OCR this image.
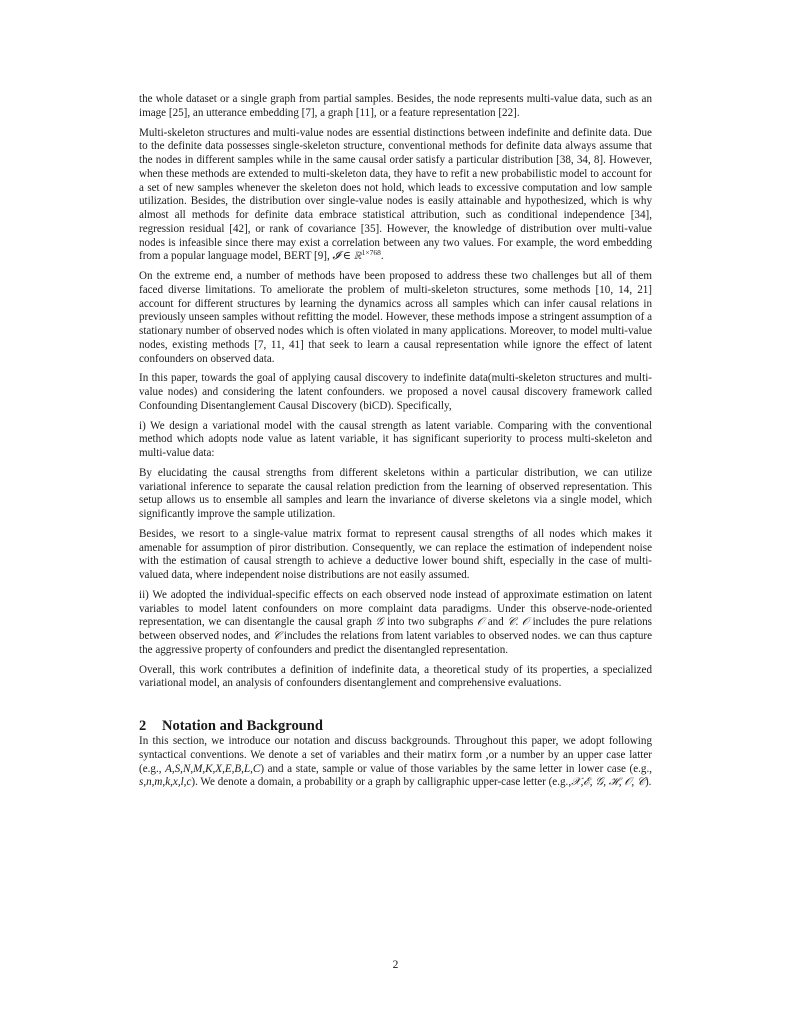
the whole dataset or a single graph from partial samples. Besides, the node represents multi-value data, such as an image [25], an utterance embedding [7], a graph [11], or a feature representation [22].

Multi-skeleton structures and multi-value nodes are essential distinctions between indefinite and definite data. Due to the definite data possesses single-skeleton structure, conventional methods for definite data always assume that the nodes in different samples while in the same causal order satisfy a particular distribution [38, 34, 8]. However, when these methods are extended to multi-skeleton data, they have to refit a new probabilistic model to account for a set of new samples whenever the skeleton does not hold, which leads to excessive computation and low sample utilization. Besides, the distribution over single-value nodes is easily attainable and hypothesized, which is why almost all methods for definite data embrace statistical attribution, such as conditional independence [34], regression residual [42], or rank of covariance [35]. However, the knowledge of distribution over multi-value nodes is infeasible since there may exist a correlation between any two values. For example, the word embedding from a popular language model, BERT [9], 𝓘 ∈ ℝ$^{1\times 768}$.

On the extreme end, a number of methods have been proposed to address these two challenges but all of them faced diverse limitations. To ameliorate the problem of multi-skeleton structures, some methods [10, 14, 21] account for different structures by learning the dynamics across all samples which can infer causal relations in previously unseen samples without refitting the model. However, these methods impose a stringent assumption of a stationary number of observed nodes which is often violated in many applications. Moreover, to model multi-value nodes, existing methods [7, 11, 41] that seek to learn a causal representation while ignore the effect of latent confounders on observed data.

In this paper, towards the goal of applying causal discovery to indefinite data(multi-skeleton structures and multi-value nodes) and considering the latent confounders. we proposed a novel causal discovery framework called Confounding Disentanglement Causal Discovery (biCD). Specifically,

i) We design a variational model with the causal strength as latent variable. Comparing with the conventional method which adopts node value as latent variable, it has significant superiority to process multi-skeleton and multi-value data:

By elucidating the causal strengths from different skeletons within a particular distribution, we can utilize variational inference to separate the causal relation prediction from the learning of observed representation. This setup allows us to ensemble all samples and learn the invariance of diverse skeletons via a single model, which significantly improve the sample utilization.

Besides, we resort to a single-value matrix format to represent causal strengths of all nodes which makes it amenable for assumption of piror distribution. Consequently, we can replace the estimation of independent noise with the estimation of causal strength to achieve a deductive lower bound shift, especially in the case of multi-valued data, where independent noise distributions are not easily assumed.

ii) We adopted the individual-specific effects on each observed node instead of approximate estimation on latent variables to model latent confounders on more complaint data paradigms. Under this observe-node-oriented representation, we can disentangle the causal graph 𝒢 into two subgraphs 𝒪 and 𝒞. 𝒪 includes the pure relations between observed nodes, and 𝒞 includes the relations from latent variables to observed nodes. we can thus capture the aggressive property of confounders and predict the disentangled representation.

Overall, this work contributes a definition of indefinite data, a theoretical study of its properties, a specialized variational model, an analysis of confounders disentanglement and comprehensive evaluations.

2 Notation and Background

In this section, we introduce our notation and discuss backgrounds. Throughout this paper, we adopt following syntactical conventions. We denote a set of variables and their matirx form ,or a number by an upper case latter (e.g., A,S,N,M,K,X,E,B,L,C) and a state, sample or value of those variables by the same letter in lower case (e.g., s,n,m,k,x,l,c). We denote a domain, a probability or a graph by calligraphic upper-case letter (e.g.,𝒳,ℰ, 𝒢, ℋ, 𝒪, 𝒞).

2
